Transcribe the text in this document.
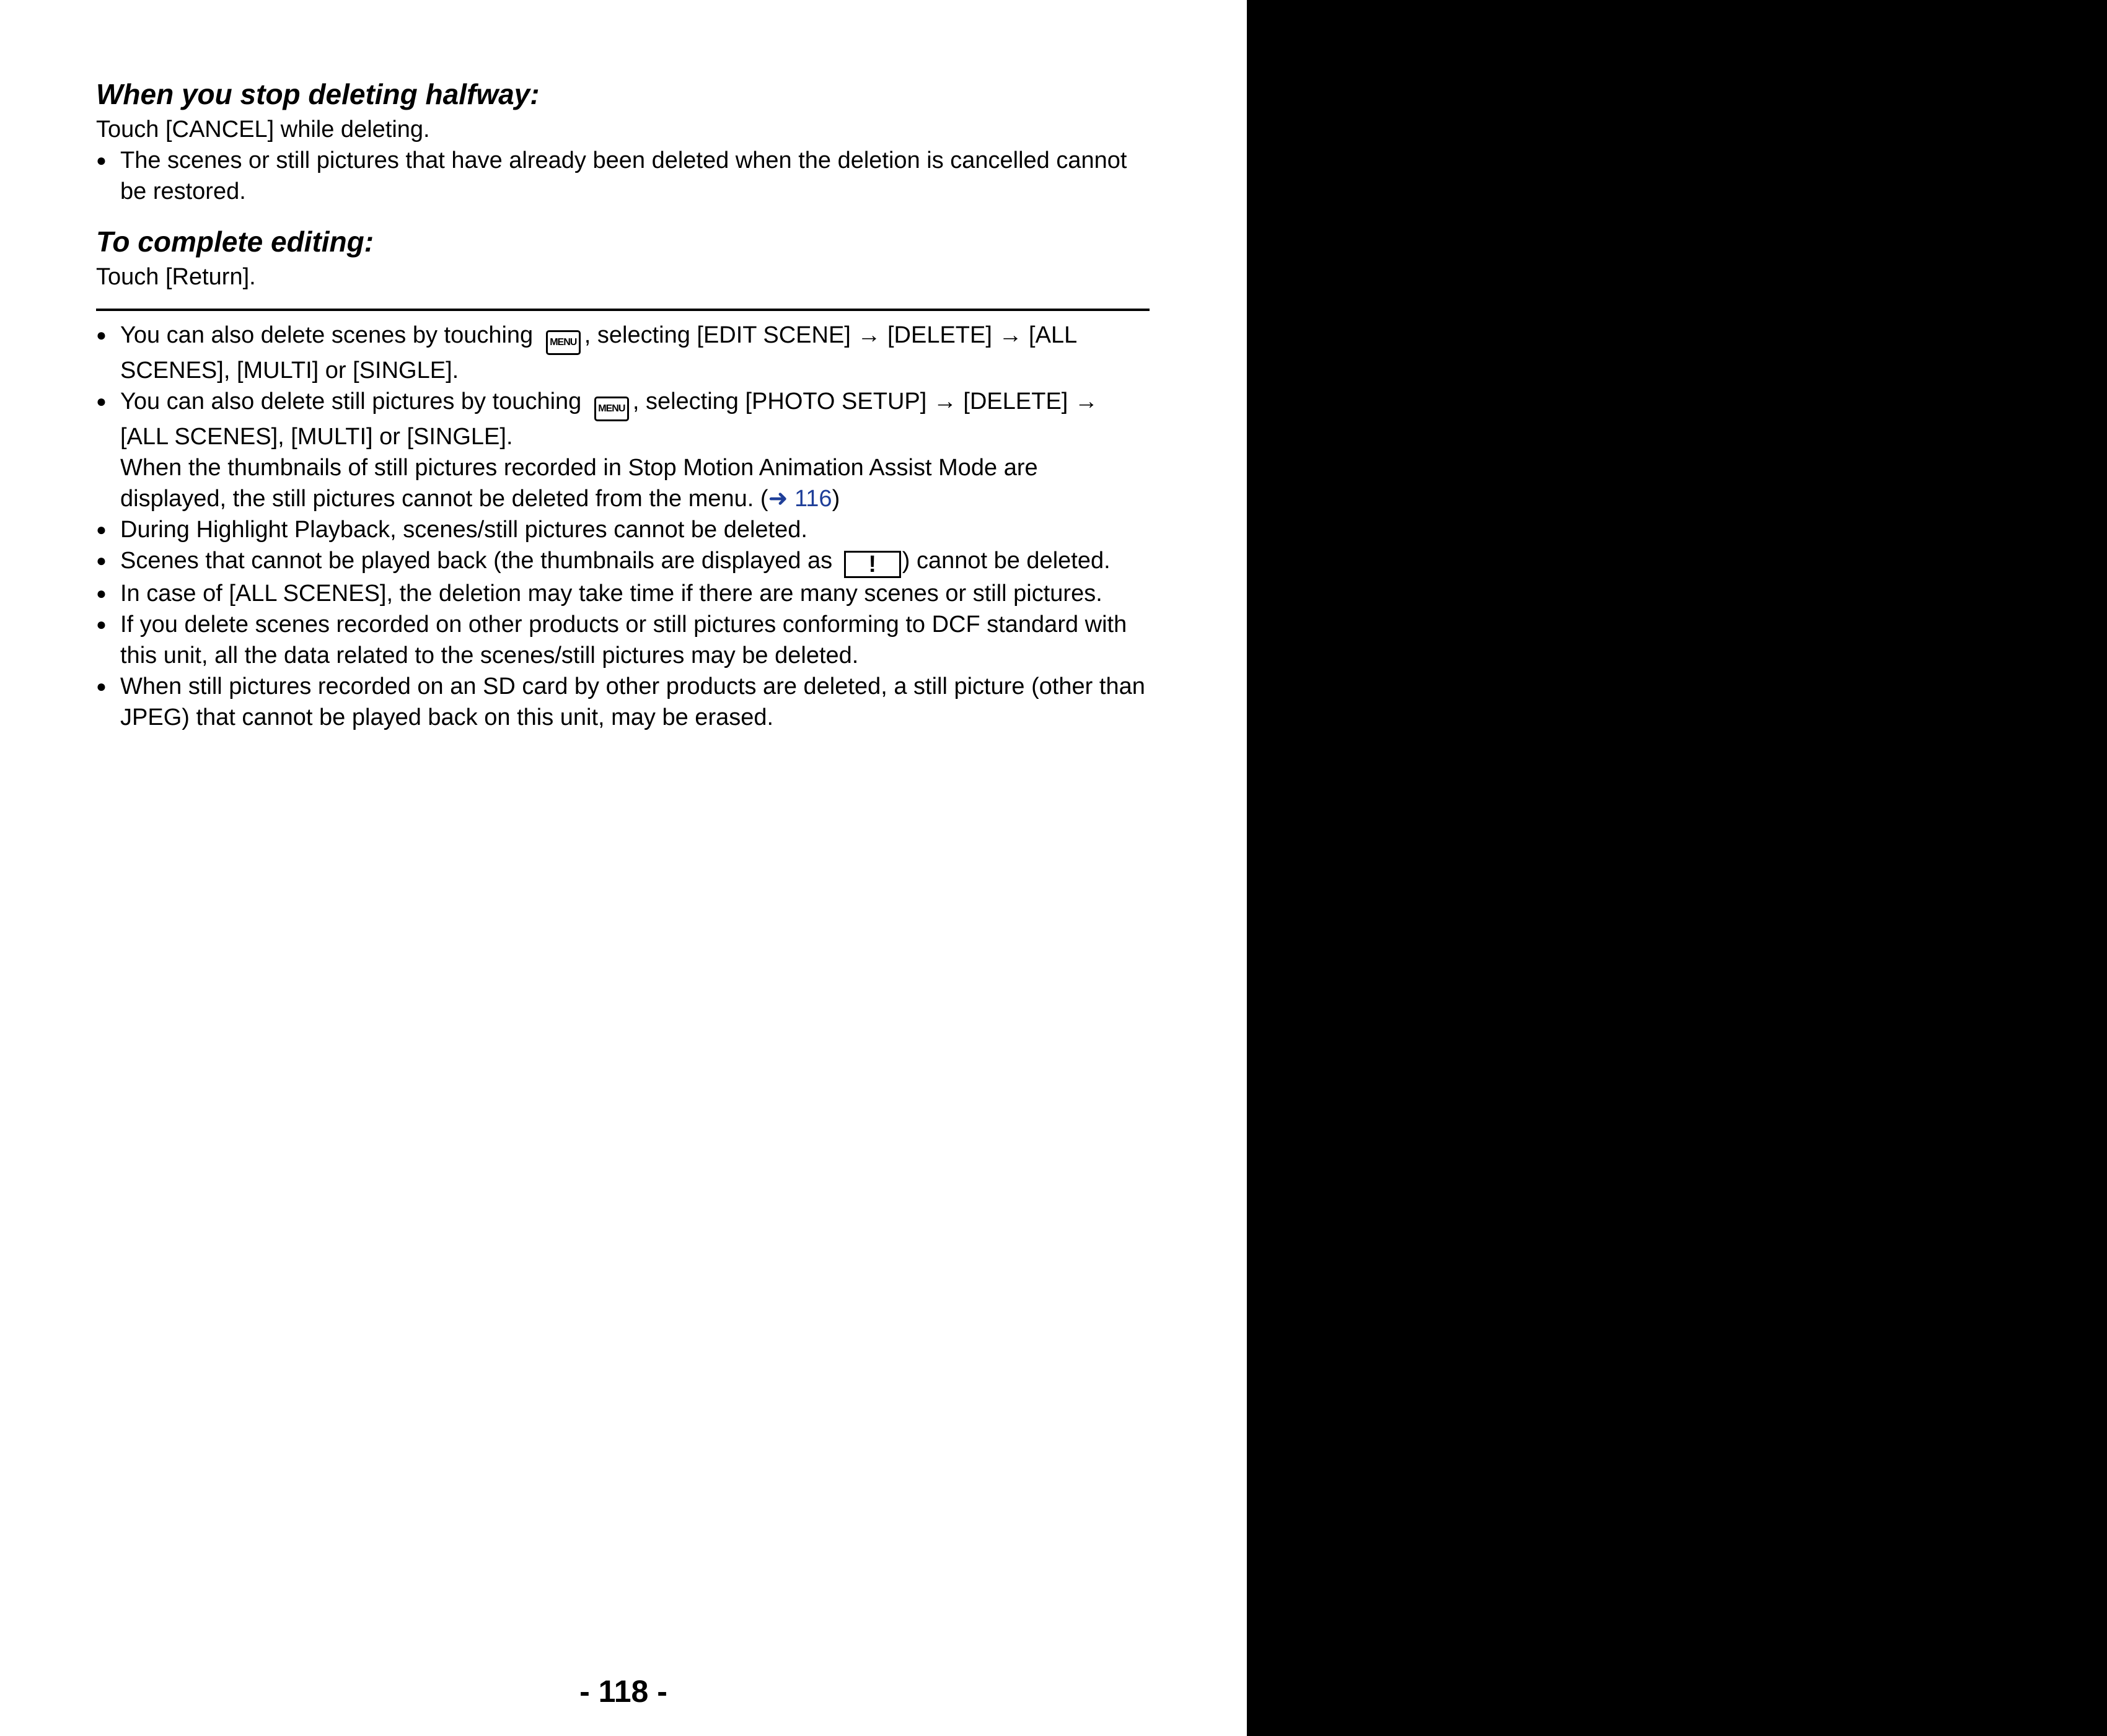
When you stop deleting halfway:

Touch [CANCEL] while deleting.

● The scenes or still pictures that have already been deleted when the deletion is cancelled cannot be restored.
To complete editing:

Touch [Return].

● You can also delete scenes by touching MENU , selecting [EDIT SCENE] → [DELETE] → [ALL SCENES], [MULTI] or [SINGLE].
● You can also delete still pictures by touching MENU , selecting [PHOTO SETUP] → [DELETE] → [ALL SCENES], [MULTI] or [SINGLE].
When the thumbnails of still pictures recorded in Stop Motion Animation Assist Mode are displayed, the still pictures cannot be deleted from the menu. (➜ 116)
● During Highlight Playback, scenes/still pictures cannot be deleted.
● Scenes that cannot be played back (the thumbnails are displayed as ! ) cannot be deleted.
● In case of [ALL SCENES], the deletion may take time if there are many scenes or still pictures.
● If you delete scenes recorded on other products or still pictures conforming to DCF standard with this unit, all the data related to the scenes/still pictures may be deleted.
● When still pictures recorded on an SD card by other products are deleted, a still picture (other than JPEG) that cannot be played back on this unit, may be erased.
- 118 -
